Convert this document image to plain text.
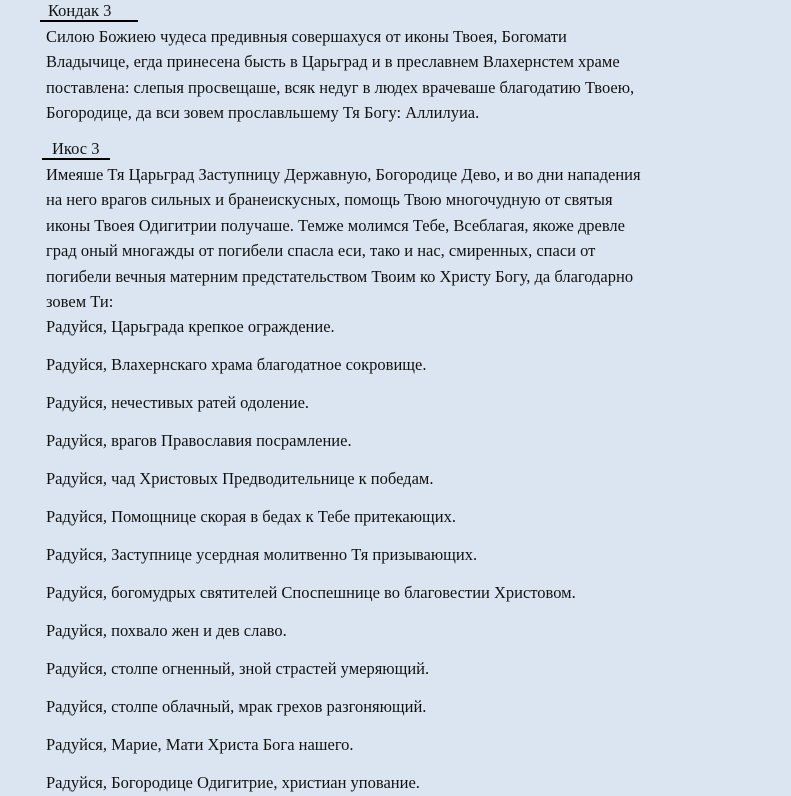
Кондак 3
Силою Божиею чудеса предивныя совершахуся от иконы Твоея, Богомати
Владычице, егда принесена бысть в Царьград и в преславнем Влахернстем храме
поставлена: слепыя просвещаше, всяк недуг в людех врачеваше благодатию Твоею,
Богородице, да вси зовем прославльшему Тя Богу: Аллилуиа.
Икос 3
Имеяше Тя Царьград Заступницу Державную, Богородице Дево, и во дни нападения
на него врагов сильных и бранеискусных, помощь Твою многочудную от святыя
иконы Твоея Одигитрии получаше. Темже молимся Тебе, Всеблагая, якоже древле
град оный многажды от погибели спасла еси, тако и нас, смиренных, спаси от
погибели вечныя матерним предстательством Твоим ко Христу Богу, да благодарно
зовем Ти:
Радуйся, Царьграда крепкое ограждение.
Радуйся, Влахернскаго храма благодатное сокровище.
Радуйся, нечестивых ратей одоление.
Радуйся, врагов Православия посрамление.
Радуйся, чад Христовых Предводительнице к победам.
Радуйся, Помощнице скорая в бедах к Тебе притекающих.
Радуйся, Заступнице усердная молитвенно Тя призывающих.
Радуйся, богомудрых святителей Споспешнице во благовестии Христовом.
Радуйся, похвало жен и дев славо.
Радуйся, столпе огненный, зной страстей умеряющий.
Радуйся, столпе облачный, мрак грехов разгоняющий.
Радуйся, Марие, Мати Христа Бога нашего.
Радуйся, Богородице Одигитрие, христиан упование.
